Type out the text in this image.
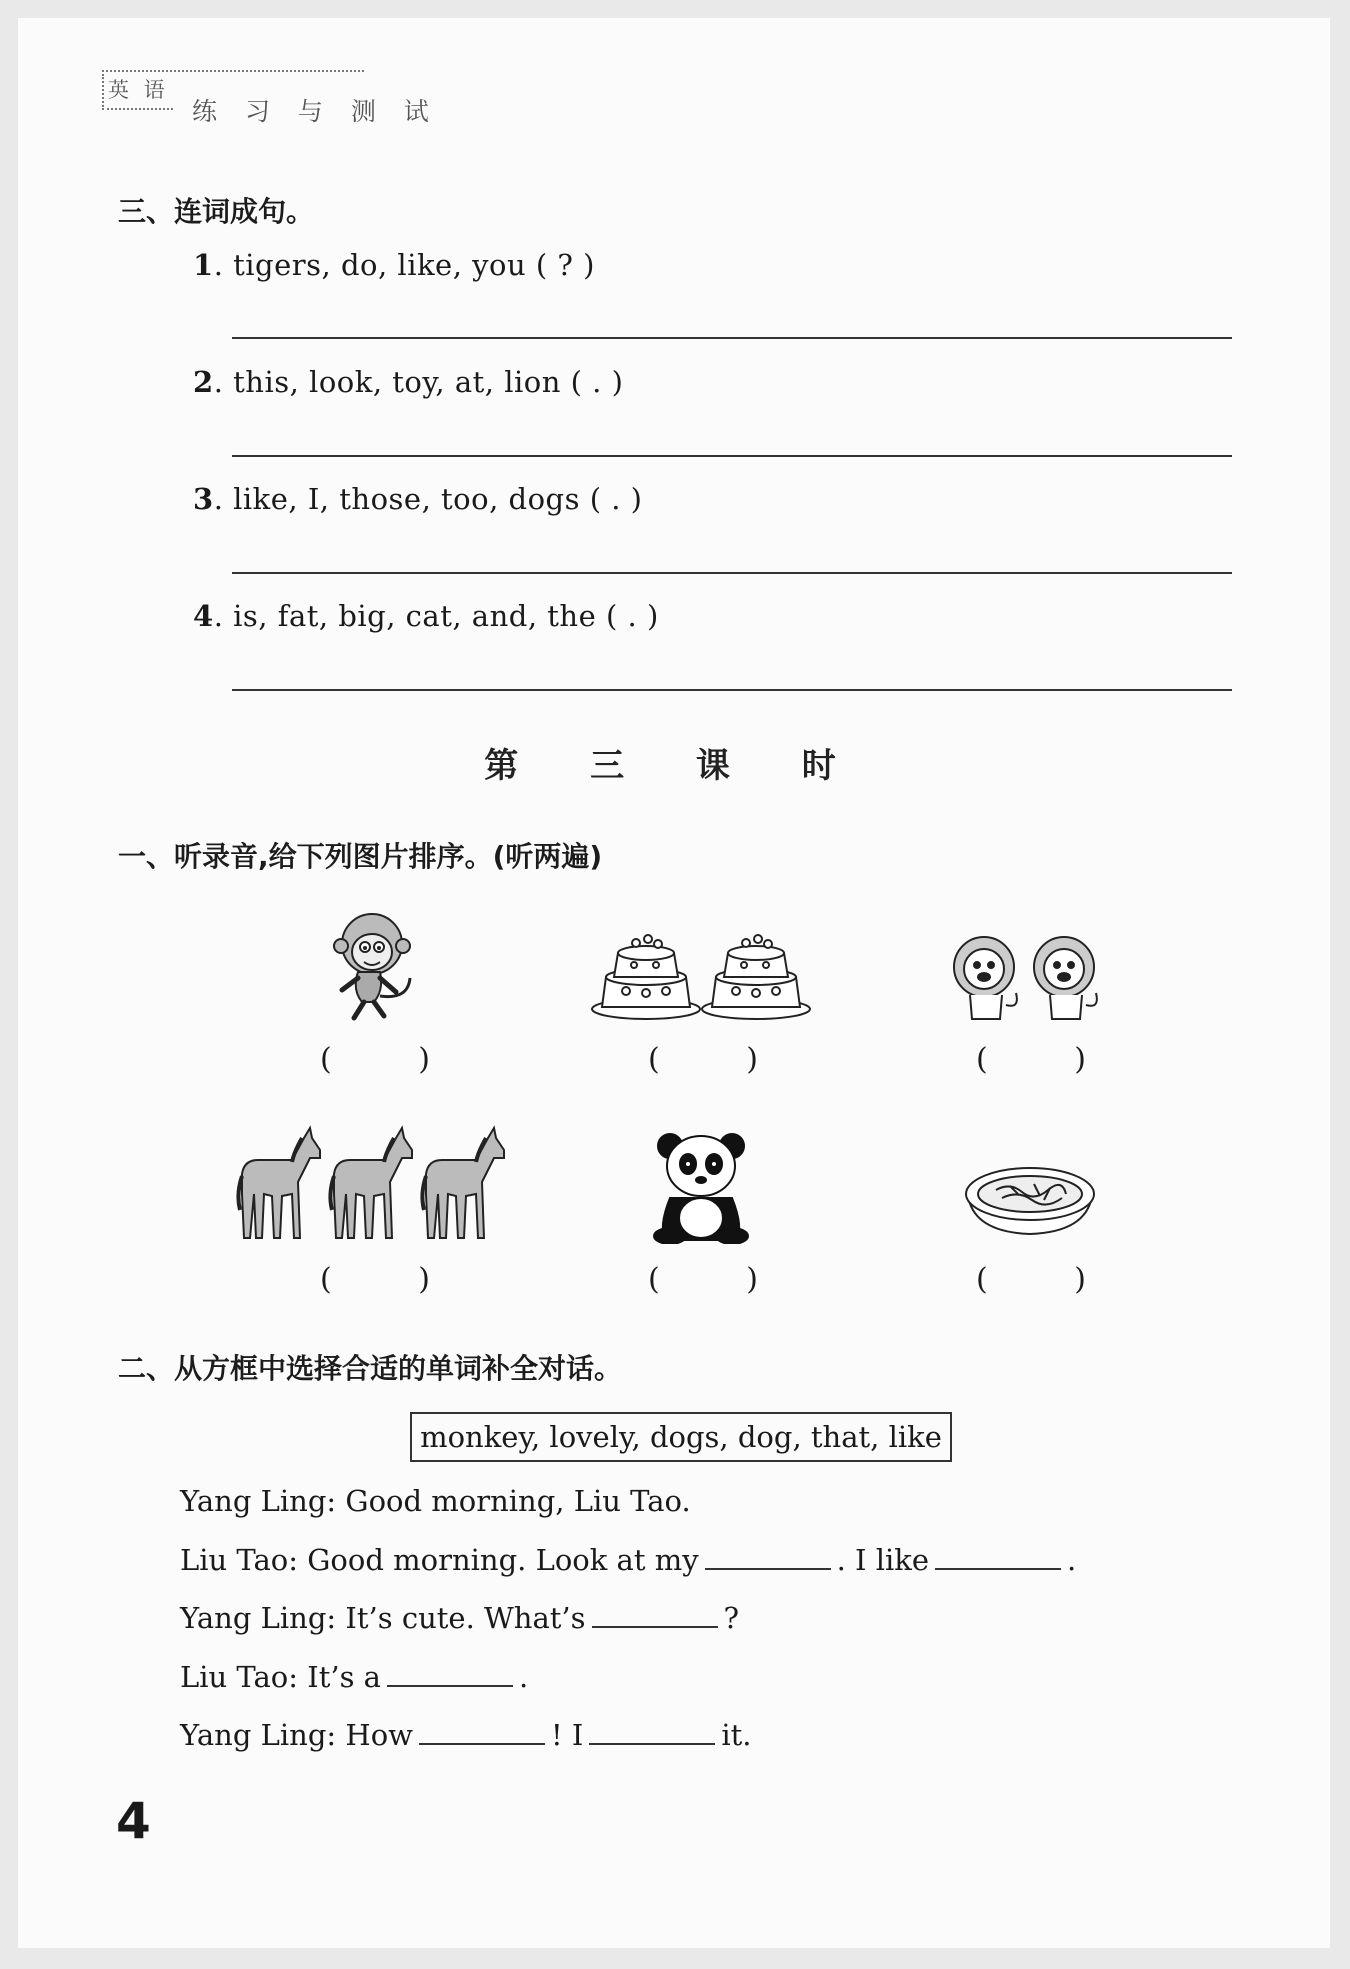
英 语
练 习 与 测 试
三、连词成句。
1. tigers, do, like, you ( ? )
2. this, look, toy, at, lion ( . )
3. like, I, those, too, dogs ( . )
4. is, fat, big, cat, and, the ( . )
第 三 课 时
一、听录音,给下列图片排序。(听两遍)
(	)	(	)	(	)
(	)	(	)	(	)
二、从方框中选择合适的单词补全对话。
monkey, lovely, dogs, dog, that, like
Yang Ling: Good morning, Liu Tao.
Liu Tao: Good morning. Look at my	. I like	.
Yang Ling: It’s cute. What’s	?
Liu Tao: It’s a	.
Yang Ling: How	! I	it.
4
